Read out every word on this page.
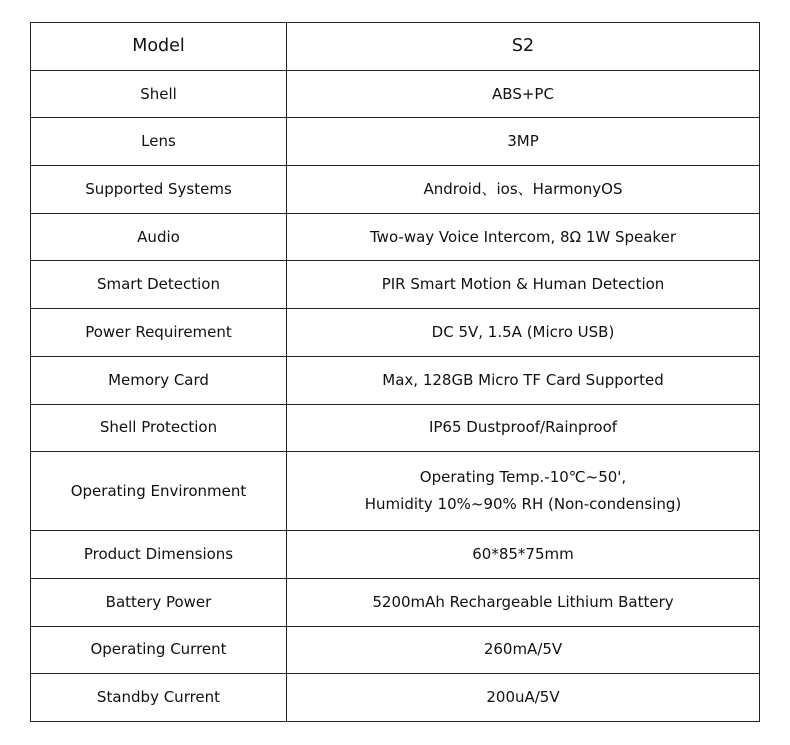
Model	S2
Shell	ABS+PC
Lens	3MP
Supported Systems	Android、ios、HarmonyOS
Audio	Two-way Voice Intercom, 8Ω 1W Speaker
Smart Detection	PIR Smart Motion & Human Detection
Power Requirement	DC 5V, 1.5A (Micro USB)
Memory Card	Max, 128GB Micro TF Card Supported
Shell Protection	IP65 Dustproof/Rainproof
Operating Environment	Operating Temp.-10℃~50',
Humidity 10%~90% RH (Non-condensing)

Product Dimensions	60*85*75mm
Battery Power	5200mAh Rechargeable Lithium Battery
Operating Current	260mA/5V
Standby Current	200uA/5V
